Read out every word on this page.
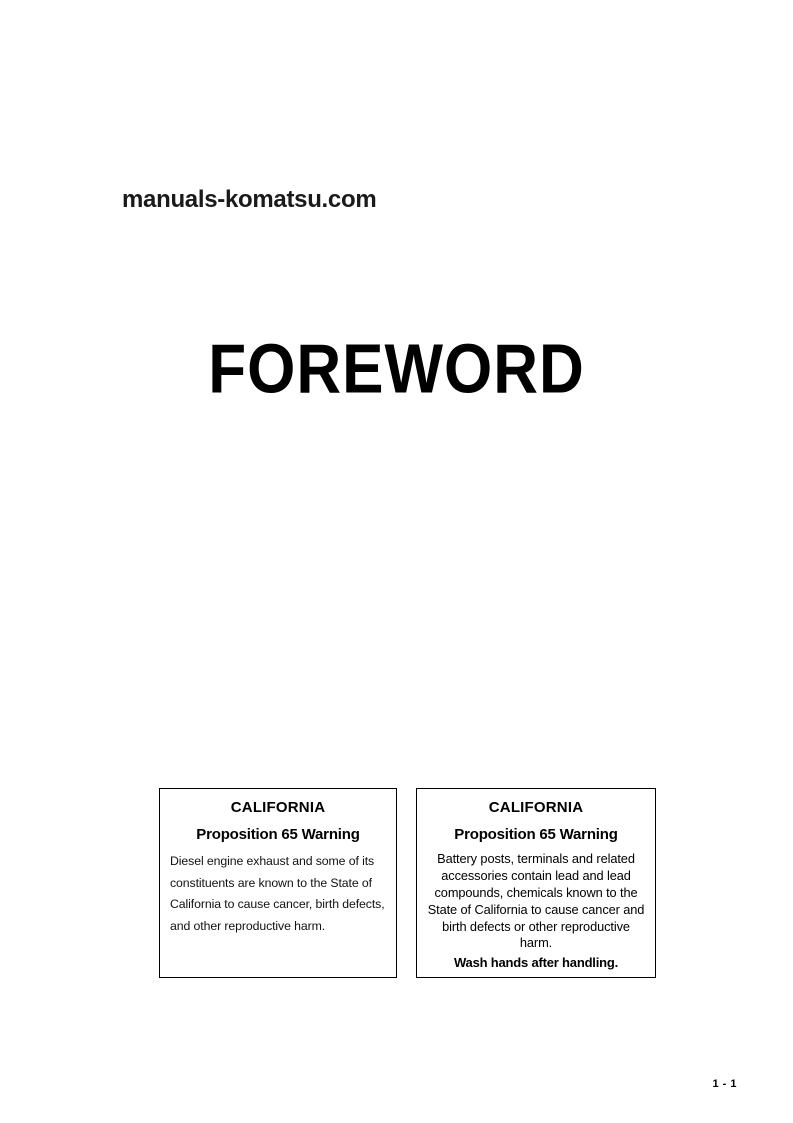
manuals-komatsu.com
FOREWORD
CALIFORNIA
Proposition 65 Warning
Diesel engine exhaust and some of its constituents are known to the State of California to cause cancer, birth defects, and other reproductive harm.
CALIFORNIA
Proposition 65 Warning
Battery posts, terminals and related accessories contain lead and lead compounds, chemicals known to the State of California to cause cancer and birth defects or other reproductive harm.
Wash hands after handling.
1 - 1
